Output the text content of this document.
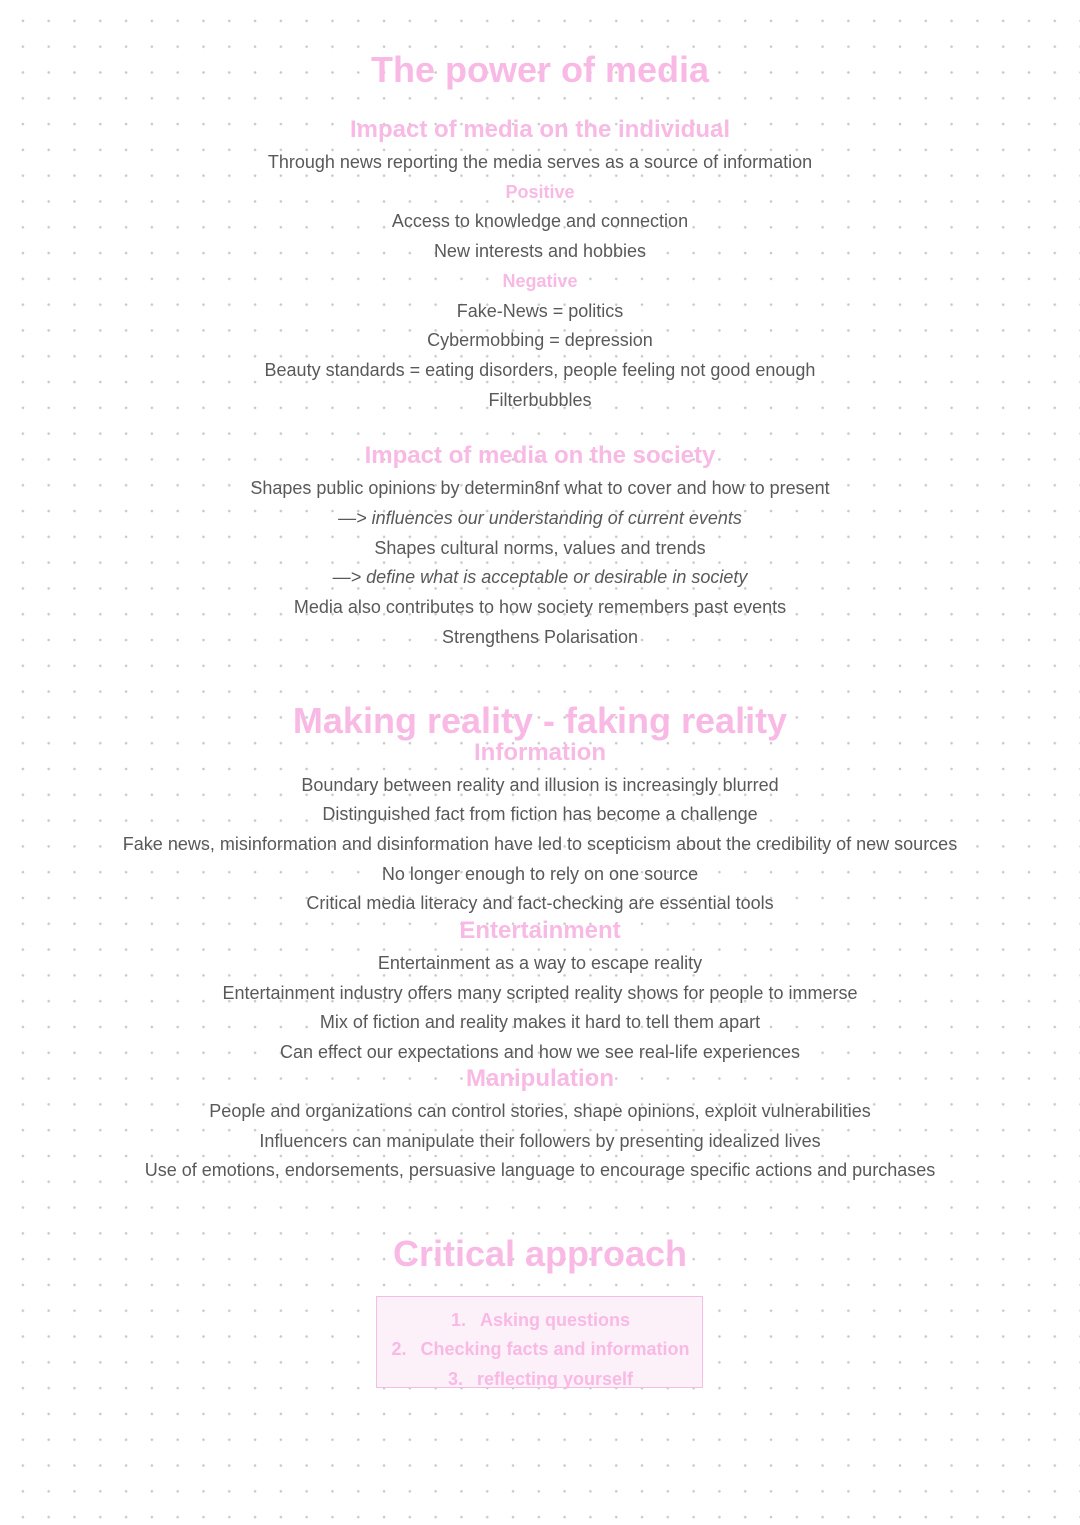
The power of media
Impact of media on the individual
Through news reporting the media serves as a source of information
Positive
Access to knowledge and connection
New interests and hobbies
Negative
Fake-News = politics
Cybermobbing = depression
Beauty standards = eating disorders, people feeling not good enough
Filterbubbles
Impact of media on the society
Shapes public opinions by determin8nf what to cover and how to present
—> influences our understanding of current events
Shapes cultural norms, values and trends
—> define what is acceptable or desirable in society
Media also contributes to how society remembers past events
Strengthens Polarisation
Making reality - faking reality
Information
Boundary between reality and illusion is increasingly blurred
Distinguished fact from fiction has become a challenge
Fake news, misinformation and disinformation have led to scepticism about the credibility of new sources
No longer enough to rely on one source
Critical media literacy and fact-checking are essential tools
Entertainment
Entertainment as a way to escape reality
Entertainment industry offers many scripted reality shows for people to immerse
Mix of fiction and reality makes it hard to tell them apart
Can effect our expectations and how we see real-life experiences
Manipulation
People and organizations can control stories, shape opinions, exploit vulnerabilities
Influencers can manipulate their followers by presenting idealized lives
Use of emotions, endorsements, persuasive language to encourage specific actions and purchases
Critical approach
1. Asking questions
2. Checking facts and information
3. reflecting yourself
